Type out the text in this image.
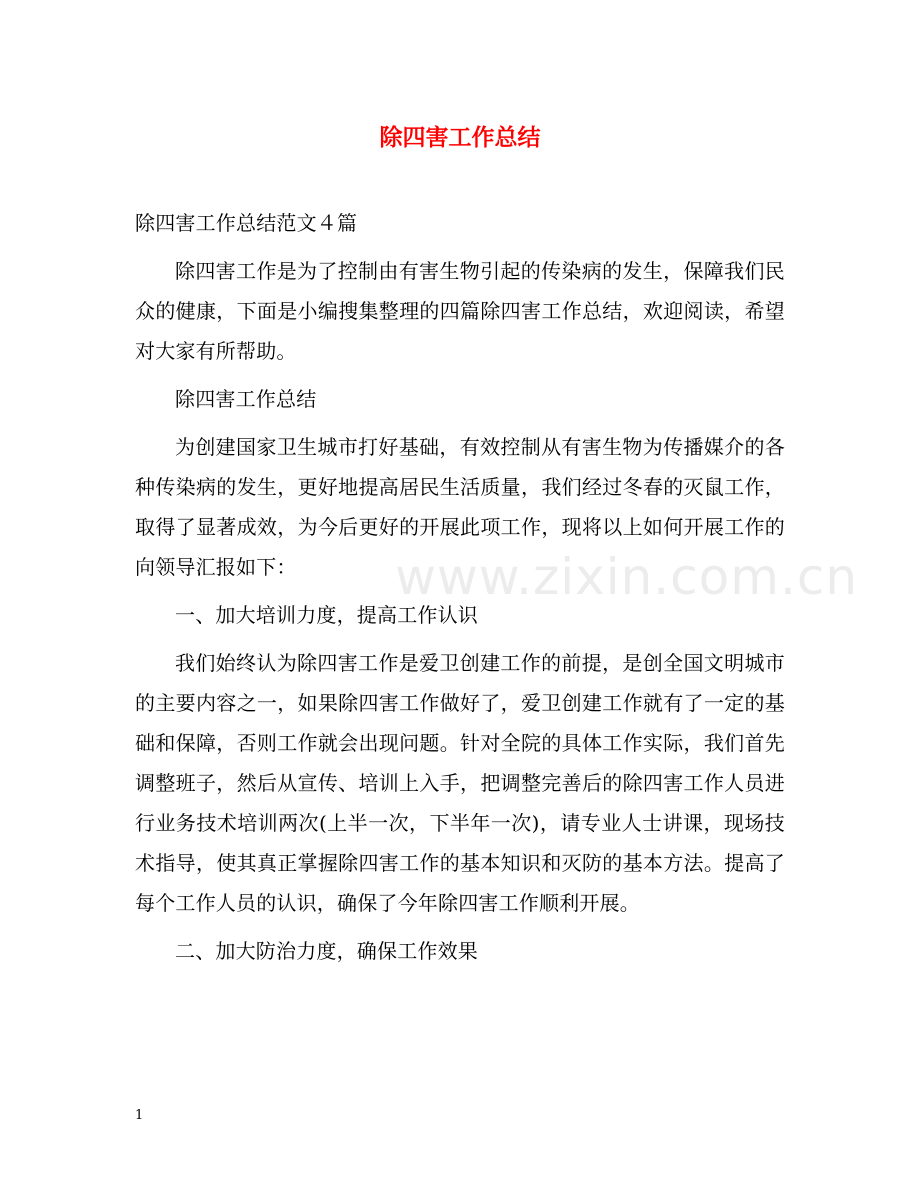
除四害工作总结

除四害工作总结范文４篇

除四害工作是为了控制由有害生物引起的传染病的发生，保障我们民众的健康，下面是小编搜集整理的四篇除四害工作总结，欢迎阅读，希望对大家有所帮助。

除四害工作总结

为创建国家卫生城市打好基础，有效控制从有害生物为传播媒介的各种传染病的发生，更好地提高居民生活质量，我们经过冬春的灭鼠工作，取得了显著成效，为今后更好的开展此项工作，现将以上如何开展工作的向领导汇报如下：

一、加大培训力度，提高工作认识

我们始终认为除四害工作是爱卫创建工作的前提，是创全国文明城市的主要内容之一，如果除四害工作做好了，爱卫创建工作就有了一定的基础和保障，否则工作就会出现问题。针对全院的具体工作实际，我们首先调整班子，然后从宣传、培训上入手，把调整完善后的除四害工作人员进行业务技术培训两次(上半一次，下半年一次)，请专业人士讲课，现场技术指导，使其真正掌握除四害工作的基本知识和灭防的基本方法。提高了每个工作人员的认识，确保了今年除四害工作顺利开展。

二、加大防治力度，确保工作效果

www.zixin.com.cn
1
